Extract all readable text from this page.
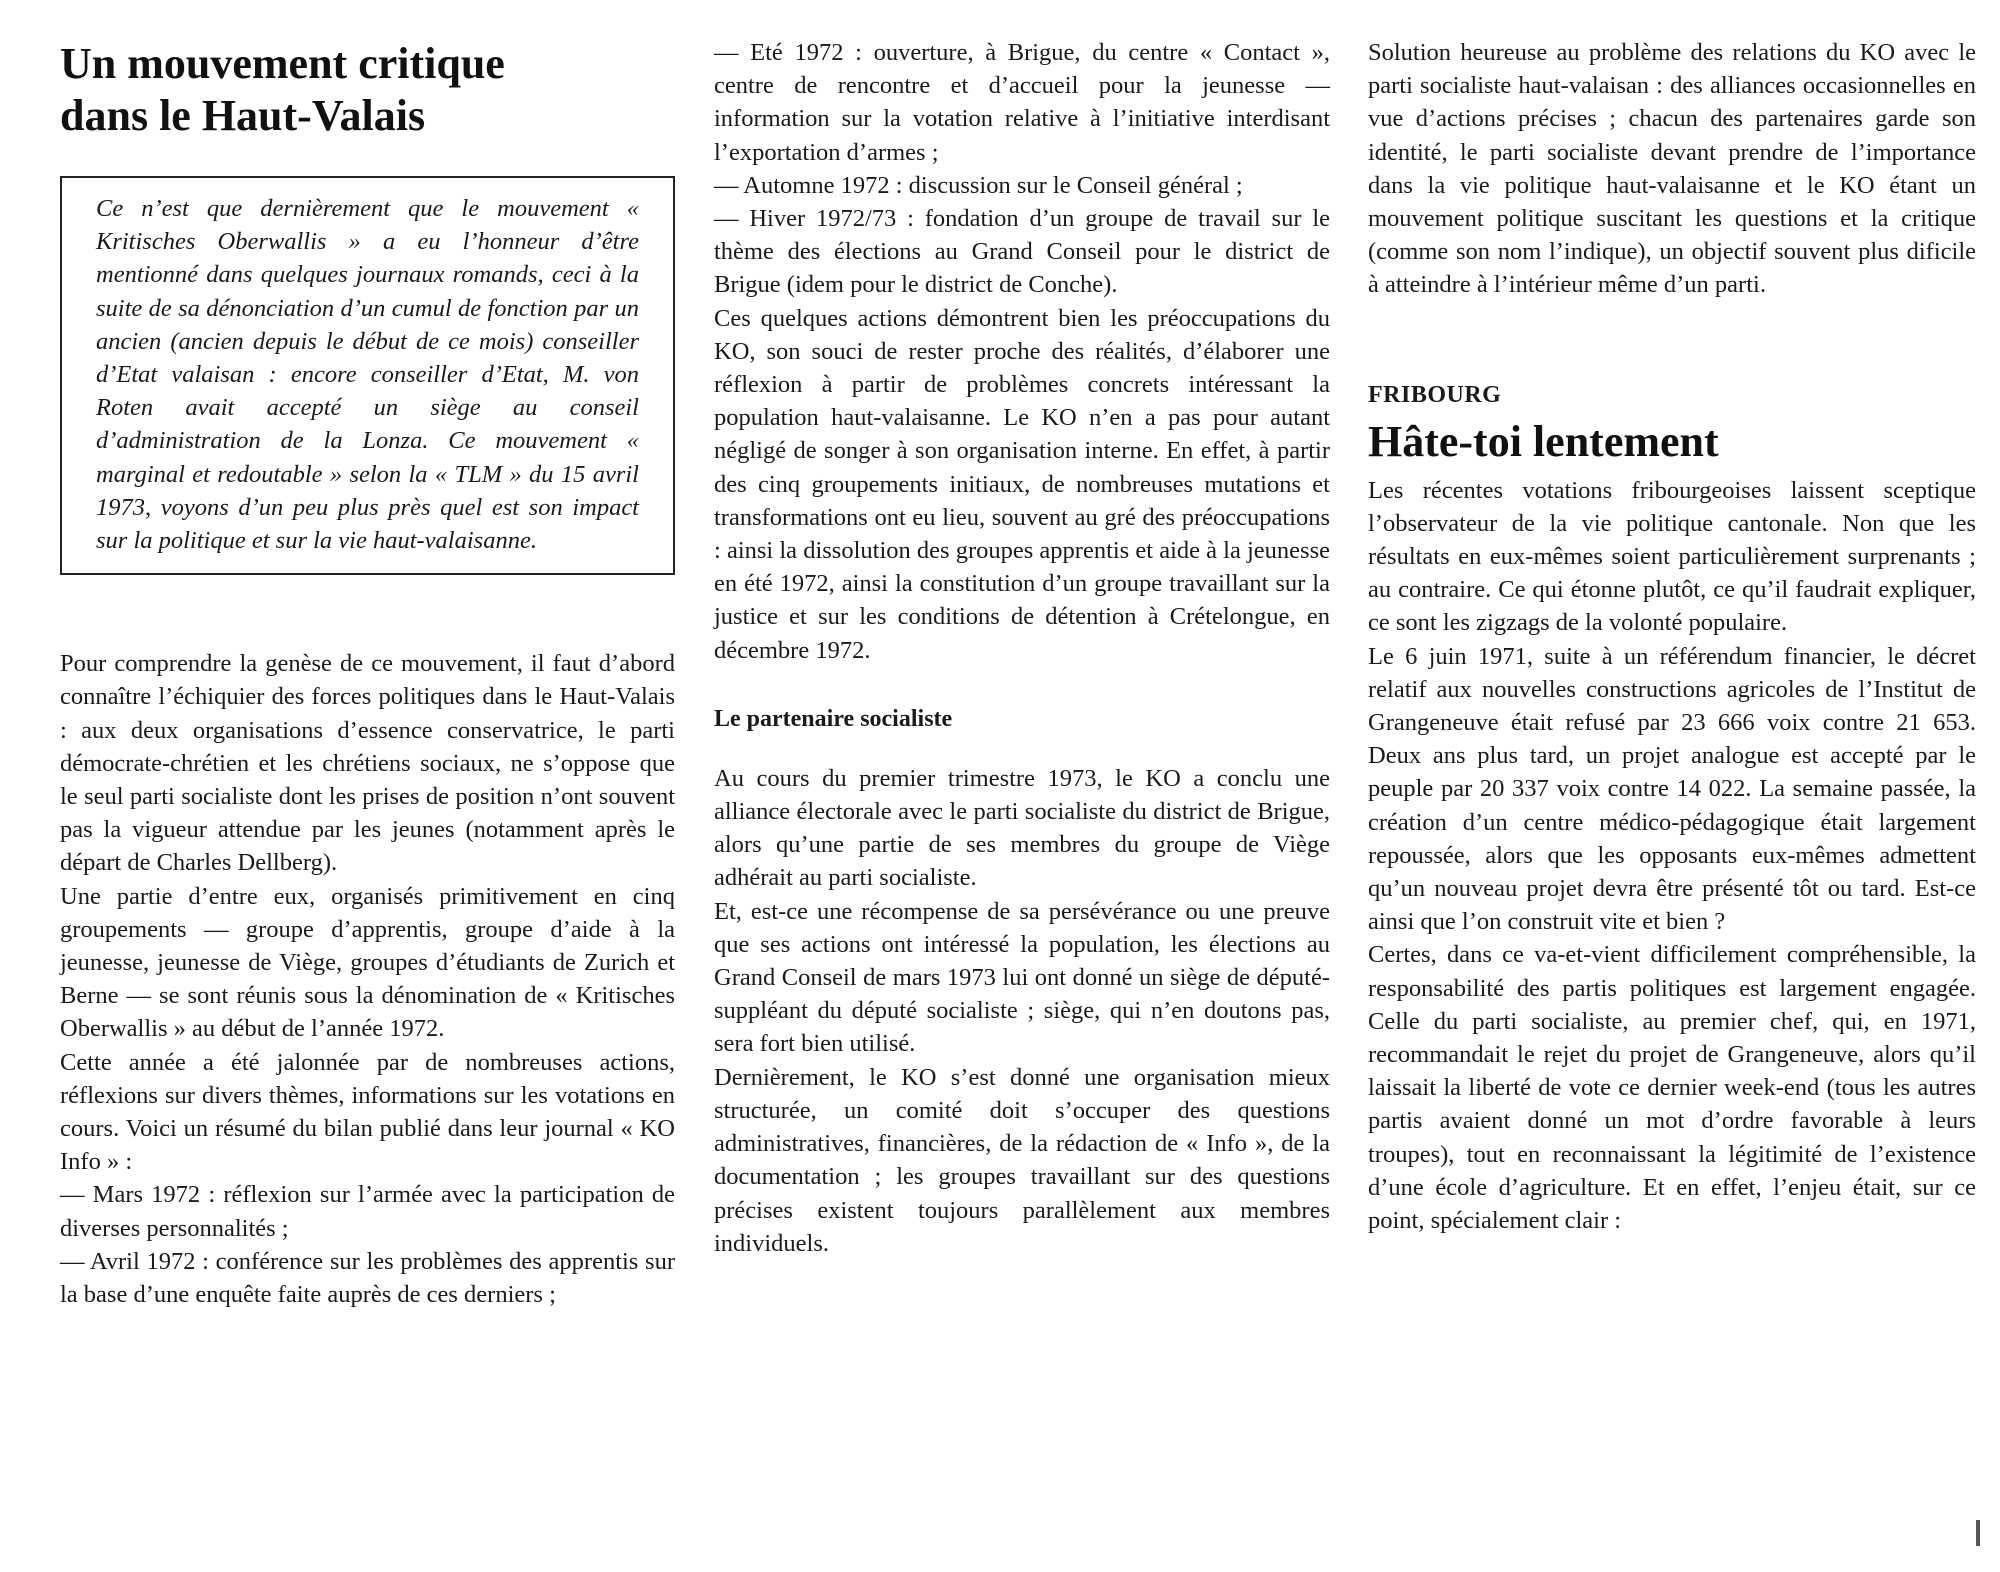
Un mouvement critique
dans le Haut-Valais

Ce n’est que dernièrement que le mouvement « Kritisches Oberwallis » a eu l’honneur d’être mentionné dans quelques journaux romands, ceci à la suite de sa dénonciation d’un cumul de fonction par un ancien (ancien depuis le début de ce mois) conseiller d’Etat valaisan : encore conseiller d’Etat, M. von Roten avait accepté un siège au conseil d’administration de la Lonza. Ce mouvement « marginal et redoutable » selon la « TLM » du 15 avril 1973, voyons d’un peu plus près quel est son impact sur la politique et sur la vie haut-valaisanne.

Pour comprendre la genèse de ce mouvement, il faut d’abord connaître l’échiquier des forces politiques dans le Haut-Valais : aux deux organisations d’essence conservatrice, le parti démocrate-chrétien et les chrétiens sociaux, ne s’oppose que le seul parti socialiste dont les prises de position n’ont souvent pas la vigueur attendue par les jeunes (notamment après le départ de Charles Dellberg).

Une partie d’entre eux, organisés primitivement en cinq groupements — groupe d’apprentis, groupe d’aide à la jeunesse, jeunesse de Viège, groupes d’étudiants de Zurich et Berne — se sont réunis sous la dénomination de « Kritisches Oberwallis » au début de l’année 1972.

Cette année a été jalonnée par de nombreuses actions, réflexions sur divers thèmes, informations sur les votations en cours. Voici un résumé du bilan publié dans leur journal « KO Info » :

— Mars 1972 : réflexion sur l’armée avec la participation de diverses personnalités ;

— Avril 1972 : conférence sur les problèmes des apprentis sur la base d’une enquête faite auprès de ces derniers ;

— Eté 1972 : ouverture, à Brigue, du centre « Contact », centre de rencontre et d’accueil pour la jeunesse — information sur la votation relative à l’initiative interdisant l’exportation d’armes ;

— Automne 1972 : discussion sur le Conseil général ;

— Hiver 1972/73 : fondation d’un groupe de travail sur le thème des élections au Grand Conseil pour le district de Brigue (idem pour le district de Conche).

Ces quelques actions démontrent bien les préoccupations du KO, son souci de rester proche des réalités, d’élaborer une réflexion à partir de problèmes concrets intéressant la population haut-valaisanne. Le KO n’en a pas pour autant négligé de songer à son organisation interne. En effet, à partir des cinq groupements initiaux, de nombreuses mutations et transformations ont eu lieu, souvent au gré des préoccupations : ainsi la dissolution des groupes apprentis et aide à la jeunesse en été 1972, ainsi la constitution d’un groupe travaillant sur la justice et sur les conditions de détention à Crételongue, en décembre 1972.

Le partenaire socialiste

Au cours du premier trimestre 1973, le KO a conclu une alliance électorale avec le parti socialiste du district de Brigue, alors qu’une partie de ses membres du groupe de Viège adhérait au parti socialiste.

Et, est-ce une récompense de sa persévérance ou une preuve que ses actions ont intéressé la population, les élections au Grand Conseil de mars 1973 lui ont donné un siège de député-suppléant du député socialiste ; siège, qui n’en doutons pas, sera fort bien utilisé.

Dernièrement, le KO s’est donné une organisation mieux structurée, un comité doit s’occuper des questions administratives, financières, de la rédaction de « Info », de la documentation ; les groupes travaillant sur des questions précises existent toujours parallèlement aux membres individuels.

Solution heureuse au problème des relations du KO avec le parti socialiste haut-valaisan : des alliances occasionnelles en vue d’actions précises ; chacun des partenaires garde son identité, le parti socialiste devant prendre de l’importance dans la vie politique haut-valaisanne et le KO étant un mouvement politique suscitant les questions et la critique (comme son nom l’indique), un objectif souvent plus dificile à atteindre à l’intérieur même d’un parti.

FRIBOURG
Hâte-toi lentement

Les récentes votations fribourgeoises laissent sceptique l’observateur de la vie politique cantonale. Non que les résultats en eux-mêmes soient particulièrement surprenants ; au contraire. Ce qui étonne plutôt, ce qu’il faudrait expliquer, ce sont les zigzags de la volonté populaire.

Le 6 juin 1971, suite à un référendum financier, le décret relatif aux nouvelles constructions agricoles de l’Institut de Grangeneuve était refusé par 23 666 voix contre 21 653. Deux ans plus tard, un projet analogue est accepté par le peuple par 20 337 voix contre 14 022. La semaine passée, la création d’un centre médico-pédagogique était largement repoussée, alors que les opposants eux-mêmes admettent qu’un nouveau projet devra être présenté tôt ou tard. Est-ce ainsi que l’on construit vite et bien ?

Certes, dans ce va-et-vient difficilement compréhensible, la responsabilité des partis politiques est largement engagée. Celle du parti socialiste, au premier chef, qui, en 1971, recommandait le rejet du projet de Grangeneuve, alors qu’il laissait la liberté de vote ce dernier week-end (tous les autres partis avaient donné un mot d’ordre favorable à leurs troupes), tout en reconnaissant la légitimité de l’existence d’une école d’agriculture. Et en effet, l’enjeu était, sur ce point, spécialement clair :
